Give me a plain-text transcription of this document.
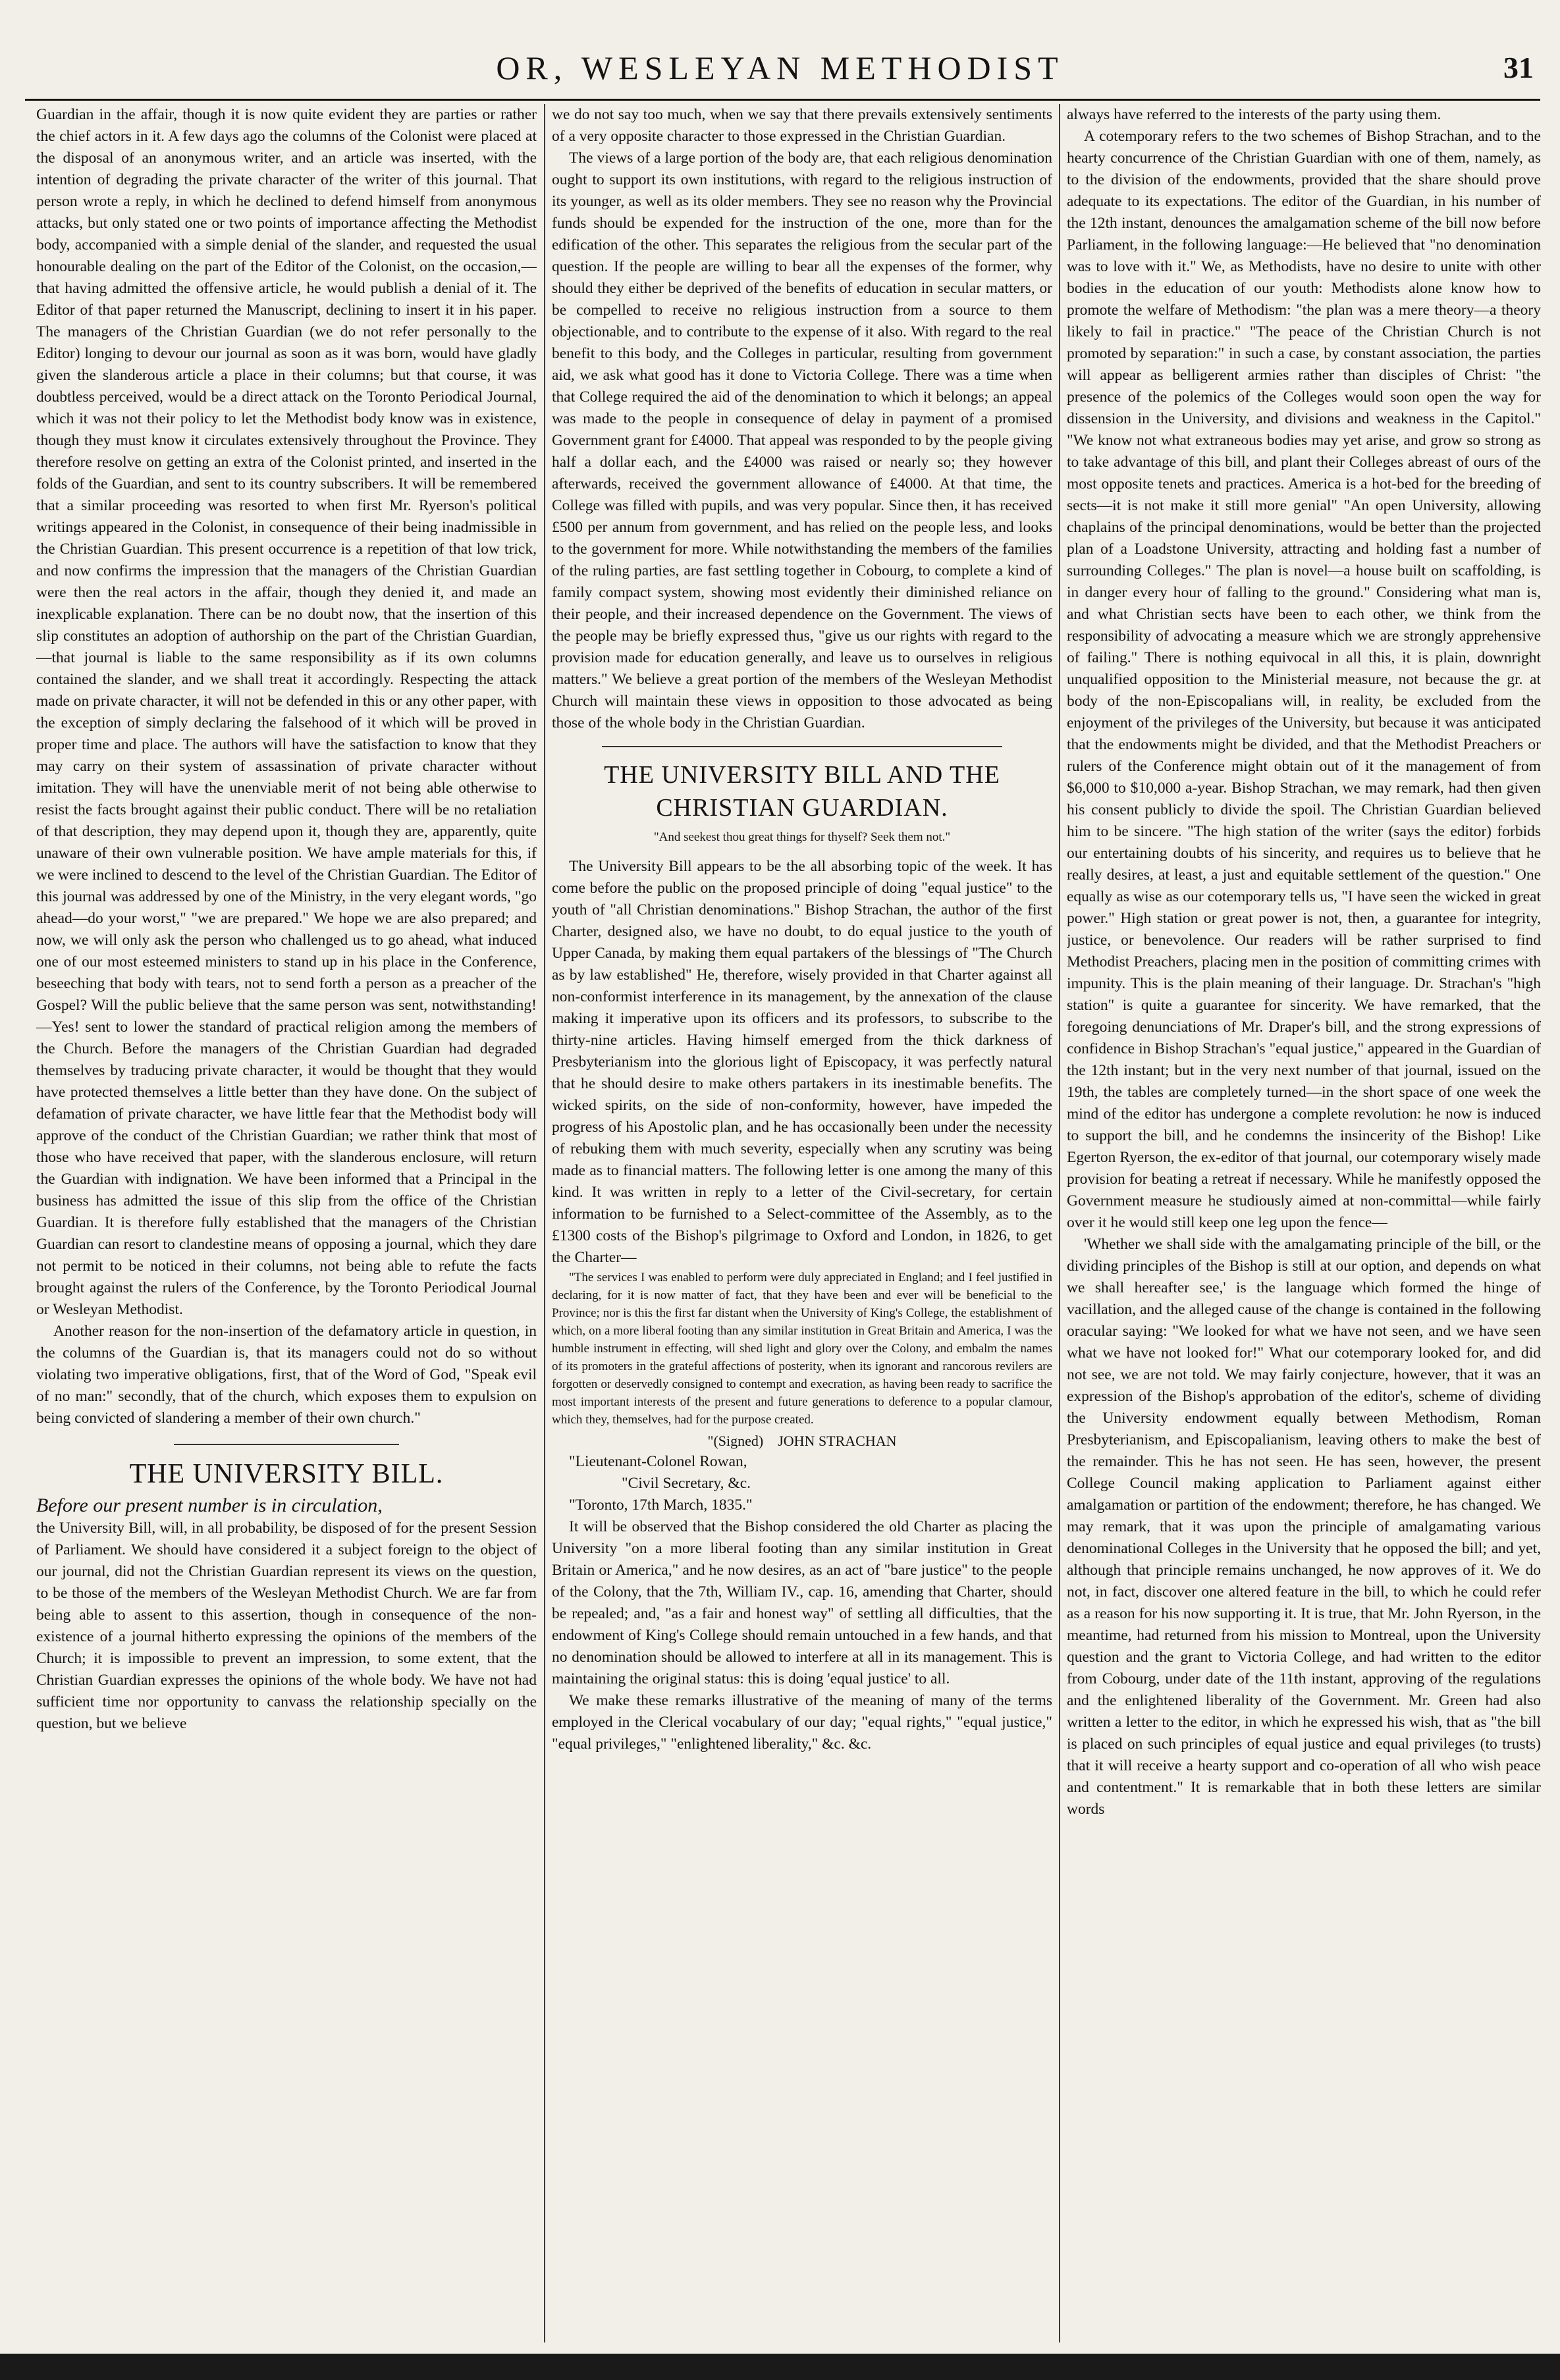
OR, WESLEYAN METHODIST	31

Guardian in the affair, though it is now quite evident they are parties or rather the chief actors in it. A few days ago the columns of the Colonist were placed at the disposal of an anonymous writer, and an article was inserted, with the intention of degrading the private character of the writer of this journal. That person wrote a reply, in which he declined to defend himself from anonymous attacks, but only stated one or two points of importance affecting the Methodist body, accompanied with a simple denial of the slander, and requested the usual honourable dealing on the part of the Editor of the Colonist, on the occasion,—that having admitted the offensive article, he would publish a denial of it. The Editor of that paper returned the Manuscript, declining to insert it in his paper. The managers of the Christian Guardian (we do not refer personally to the Editor) longing to devour our journal as soon as it was born, would have gladly given the slanderous article a place in their columns; but that course, it was doubtless perceived, would be a direct attack on the Toronto Periodical Journal, which it was not their policy to let the Methodist body know was in existence, though they must know it circulates extensively throughout the Province. They therefore resolve on getting an extra of the Colonist printed, and inserted in the folds of the Guardian, and sent to its country subscribers. It will be remembered that a similar proceeding was resorted to when first Mr. Ryerson's political writings appeared in the Colonist, in consequence of their being inadmissible in the Christian Guardian. This present occurrence is a repetition of that low trick, and now confirms the impression that the managers of the Christian Guardian were then the real actors in the affair, though they denied it, and made an inexplicable explanation. There can be no doubt now, that the insertion of this slip constitutes an adoption of authorship on the part of the Christian Guardian,—that journal is liable to the same responsibility as if its own columns contained the slander, and we shall treat it accordingly. Respecting the attack made on private character, it will not be defended in this or any other paper, with the exception of simply declaring the falsehood of it which will be proved in proper time and place. The authors will have the satisfaction to know that they may carry on their system of assassination of private character without imitation. They will have the unenviable merit of not being able otherwise to resist the facts brought against their public conduct. There will be no retaliation of that description, they may depend upon it, though they are, apparently, quite unaware of their own vulnerable position. We have ample materials for this, if we were inclined to descend to the level of the Christian Guardian. The Editor of this journal was addressed by one of the Ministry, in the very elegant words, "go ahead—do your worst," "we are prepared." We hope we are also prepared; and now, we will only ask the person who challenged us to go ahead, what induced one of our most esteemed ministers to stand up in his place in the Conference, beseeching that body with tears, not to send forth a person as a preacher of the Gospel? Will the public believe that the same person was sent, notwithstanding!—Yes! sent to lower the standard of practical religion among the members of the Church. Before the managers of the Christian Guardian had degraded themselves by traducing private character, it would be thought that they would have protected themselves a little better than they have done. On the subject of defamation of private character, we have little fear that the Methodist body will approve of the conduct of the Christian Guardian; we rather think that most of those who have received that paper, with the slanderous enclosure, will return the Guardian with indignation. We have been informed that a Principal in the business has admitted the issue of this slip from the office of the Christian Guardian. It is therefore fully established that the managers of the Christian Guardian can resort to clandestine means of opposing a journal, which they dare not permit to be noticed in their columns, not being able to refute the facts brought against the rulers of the Conference, by the Toronto Periodical Journal or Wesleyan Methodist.

Another reason for the non-insertion of the defamatory article in question, in the columns of the Guardian is, that its managers could not do so without violating two imperative obligations, first, that of the Word of God, "Speak evil of no man:" secondly, that of the church, which exposes them to expulsion on being convicted of slandering a member of their own church."

THE UNIVERSITY BILL.

Before our present number is in circulation,

the University Bill, will, in all probability, be disposed of for the present Session of Parliament. We should have considered it a subject foreign to the object of our journal, did not the Christian Guardian represent its views on the question, to be those of the members of the Wesleyan Methodist Church. We are far from being able to assent to this assertion, though in consequence of the non-existence of a journal hitherto expressing the opinions of the members of the Church; it is impossible to prevent an impression, to some extent, that the Christian Guardian expresses the opinions of the whole body. We have not had sufficient time nor opportunity to canvass the relationship specially on the question, but we believe

we do not say too much, when we say that there prevails extensively sentiments of a very opposite character to those expressed in the Christian Guardian.

The views of a large portion of the body are, that each religious denomination ought to support its own institutions, with regard to the religious instruction of its younger, as well as its older members. They see no reason why the Provincial funds should be expended for the instruction of the one, more than for the edification of the other. This separates the religious from the secular part of the question. If the people are willing to bear all the expenses of the former, why should they either be deprived of the benefits of education in secular matters, or be compelled to receive no religious instruction from a source to them objectionable, and to contribute to the expense of it also. With regard to the real benefit to this body, and the Colleges in particular, resulting from government aid, we ask what good has it done to Victoria College. There was a time when that College required the aid of the denomination to which it belongs; an appeal was made to the people in consequence of delay in payment of a promised Government grant for £4000. That appeal was responded to by the people giving half a dollar each, and the £4000 was raised or nearly so; they however afterwards, received the government allowance of £4000. At that time, the College was filled with pupils, and was very popular. Since then, it has received £500 per annum from government, and has relied on the people less, and looks to the government for more. While notwithstanding the members of the families of the ruling parties, are fast settling together in Cobourg, to complete a kind of family compact system, showing most evidently their diminished reliance on their people, and their increased dependence on the Government. The views of the people may be briefly expressed thus, "give us our rights with regard to the provision made for education generally, and leave us to ourselves in religious matters." We believe a great portion of the members of the Wesleyan Methodist Church will maintain these views in opposition to those advocated as being those of the whole body in the Christian Guardian.

THE UNIVERSITY BILL AND THE
CHRISTIAN GUARDIAN.
"And seekest thou great things for thyself? Seek them not."

The University Bill appears to be the all absorbing topic of the week. It has come before the public on the proposed principle of doing "equal justice" to the youth of "all Christian denominations." Bishop Strachan, the author of the first Charter, designed also, we have no doubt, to do equal justice to the youth of Upper Canada, by making them equal partakers of the blessings of "The Church as by law established" He, therefore, wisely provided in that Charter against all non-conformist interference in its management, by the annexation of the clause making it imperative upon its officers and its professors, to subscribe to the thirty-nine articles. Having himself emerged from the thick darkness of Presbyterianism into the glorious light of Episcopacy, it was perfectly natural that he should desire to make others partakers in its inestimable benefits. The wicked spirits, on the side of non-conformity, however, have impeded the progress of his Apostolic plan, and he has occasionally been under the necessity of rebuking them with much severity, especially when any scrutiny was being made as to financial matters. The following letter is one among the many of this kind. It was written in reply to a letter of the Civil-secretary, for certain information to be furnished to a Select-committee of the Assembly, as to the £1300 costs of the Bishop's pilgrimage to Oxford and London, in 1826, to get the Charter—

"The services I was enabled to perform were duly appreciated in England; and I feel justified in declaring, for it is now matter of fact, that they have been and ever will be beneficial to the Province; nor is this the first far distant when the University of King's College, the establishment of which, on a more liberal footing than any similar institution in Great Britain and America, I was the humble instrument in effecting, will shed light and glory over the Colony, and embalm the names of its promoters in the grateful affections of posterity, when its ignorant and rancorous revilers are forgotten or deservedly consigned to contempt and execration, as having been ready to sacrifice the most important interests of the present and future generations to deference to a popular clamour, which they, themselves, had for the purpose created.

"(Signed) JOHN STRACHAN

"Lieutenant-Colonel Rowan,

"Civil Secretary, &c.

"Toronto, 17th March, 1835."

It will be observed that the Bishop considered the old Charter as placing the University "on a more liberal footing than any similar institution in Great Britain or America," and he now desires, as an act of "bare justice" to the people of the Colony, that the 7th, William IV., cap. 16, amending that Charter, should be repealed; and, "as a fair and honest way" of settling all difficulties, that the endowment of King's College should remain untouched in a few hands, and that no denomination should be allowed to interfere at all in its management. This is maintaining the original status: this is doing 'equal justice' to all.

We make these remarks illustrative of the meaning of many of the terms employed in the Clerical vocabulary of our day; "equal rights," "equal justice," "equal privileges," "enlightened liberality," &c. &c.

always have referred to the interests of the party using them.

A cotemporary refers to the two schemes of Bishop Strachan, and to the hearty concurrence of the Christian Guardian with one of them, namely, as to the division of the endowments, provided that the share should prove adequate to its expectations. The editor of the Guardian, in his number of the 12th instant, denounces the amalgamation scheme of the bill now before Parliament, in the following language:—He believed that "no denomination was to love with it." We, as Methodists, have no desire to unite with other bodies in the education of our youth: Methodists alone know how to promote the welfare of Methodism: "the plan was a mere theory—a theory likely to fail in practice." "The peace of the Christian Church is not promoted by separation:" in such a case, by constant association, the parties will appear as belligerent armies rather than disciples of Christ: "the presence of the polemics of the Colleges would soon open the way for dissension in the University, and divisions and weakness in the Capitol." "We know not what extraneous bodies may yet arise, and grow so strong as to take advantage of this bill, and plant their Colleges abreast of ours of the most opposite tenets and practices. America is a hot-bed for the breeding of sects—it is not make it still more genial" "An open University, allowing chaplains of the principal denominations, would be better than the projected plan of a Loadstone University, attracting and holding fast a number of surrounding Colleges." The plan is novel—a house built on scaffolding, is in danger every hour of falling to the ground." Considering what man is, and what Christian sects have been to each other, we think from the responsibility of advocating a measure which we are strongly apprehensive of failing." There is nothing equivocal in all this, it is plain, downright unqualified opposition to the Ministerial measure, not because the gr. at body of the non-Episcopalians will, in reality, be excluded from the enjoyment of the privileges of the University, but because it was anticipated that the endowments might be divided, and that the Methodist Preachers or rulers of the Conference might obtain out of it the management of from $6,000 to $10,000 a-year. Bishop Strachan, we may remark, had then given his consent publicly to divide the spoil. The Christian Guardian believed him to be sincere. "The high station of the writer (says the editor) forbids our entertaining doubts of his sincerity, and requires us to believe that he really desires, at least, a just and equitable settlement of the question." One equally as wise as our cotemporary tells us, "I have seen the wicked in great power." High station or great power is not, then, a guarantee for integrity, justice, or benevolence. Our readers will be rather surprised to find Methodist Preachers, placing men in the position of committing crimes with impunity. This is the plain meaning of their language. Dr. Strachan's "high station" is quite a guarantee for sincerity. We have remarked, that the foregoing denunciations of Mr. Draper's bill, and the strong expressions of confidence in Bishop Strachan's "equal justice," appeared in the Guardian of the 12th instant; but in the very next number of that journal, issued on the 19th, the tables are completely turned—in the short space of one week the mind of the editor has undergone a complete revolution: he now is induced to support the bill, and he condemns the insincerity of the Bishop! Like Egerton Ryerson, the ex-editor of that journal, our cotemporary wisely made provision for beating a retreat if necessary. While he manifestly opposed the Government measure he studiously aimed at non-committal—while fairly over it he would still keep one leg upon the fence—

'Whether we shall side with the amalgamating principle of the bill, or the dividing principles of the Bishop is still at our option, and depends on what we shall hereafter see,' is the language which formed the hinge of vacillation, and the alleged cause of the change is contained in the following oracular saying: "We looked for what we have not seen, and we have seen what we have not looked for!" What our cotemporary looked for, and did not see, we are not told. We may fairly conjecture, however, that it was an expression of the Bishop's approbation of the editor's, scheme of dividing the University endowment equally between Methodism, Roman Presbyterianism, and Episcopalianism, leaving others to make the best of the remainder. This he has not seen. He has seen, however, the present College Council making application to Parliament against either amalgamation or partition of the endowment; therefore, he has changed. We may remark, that it was upon the principle of amalgamating various denominational Colleges in the University that he opposed the bill; and yet, although that principle remains unchanged, he now approves of it. We do not, in fact, discover one altered feature in the bill, to which he could refer as a reason for his now supporting it. It is true, that Mr. John Ryerson, in the meantime, had returned from his mission to Montreal, upon the University question and the grant to Victoria College, and had written to the editor from Cobourg, under date of the 11th instant, approving of the regulations and the enlightened liberality of the Government. Mr. Green had also written a letter to the editor, in which he expressed his wish, that as "the bill is placed on such principles of equal justice and equal privileges (to trusts) that it will receive a hearty support and co-operation of all who wish peace and contentment." It is remarkable that in both these letters are similar words
